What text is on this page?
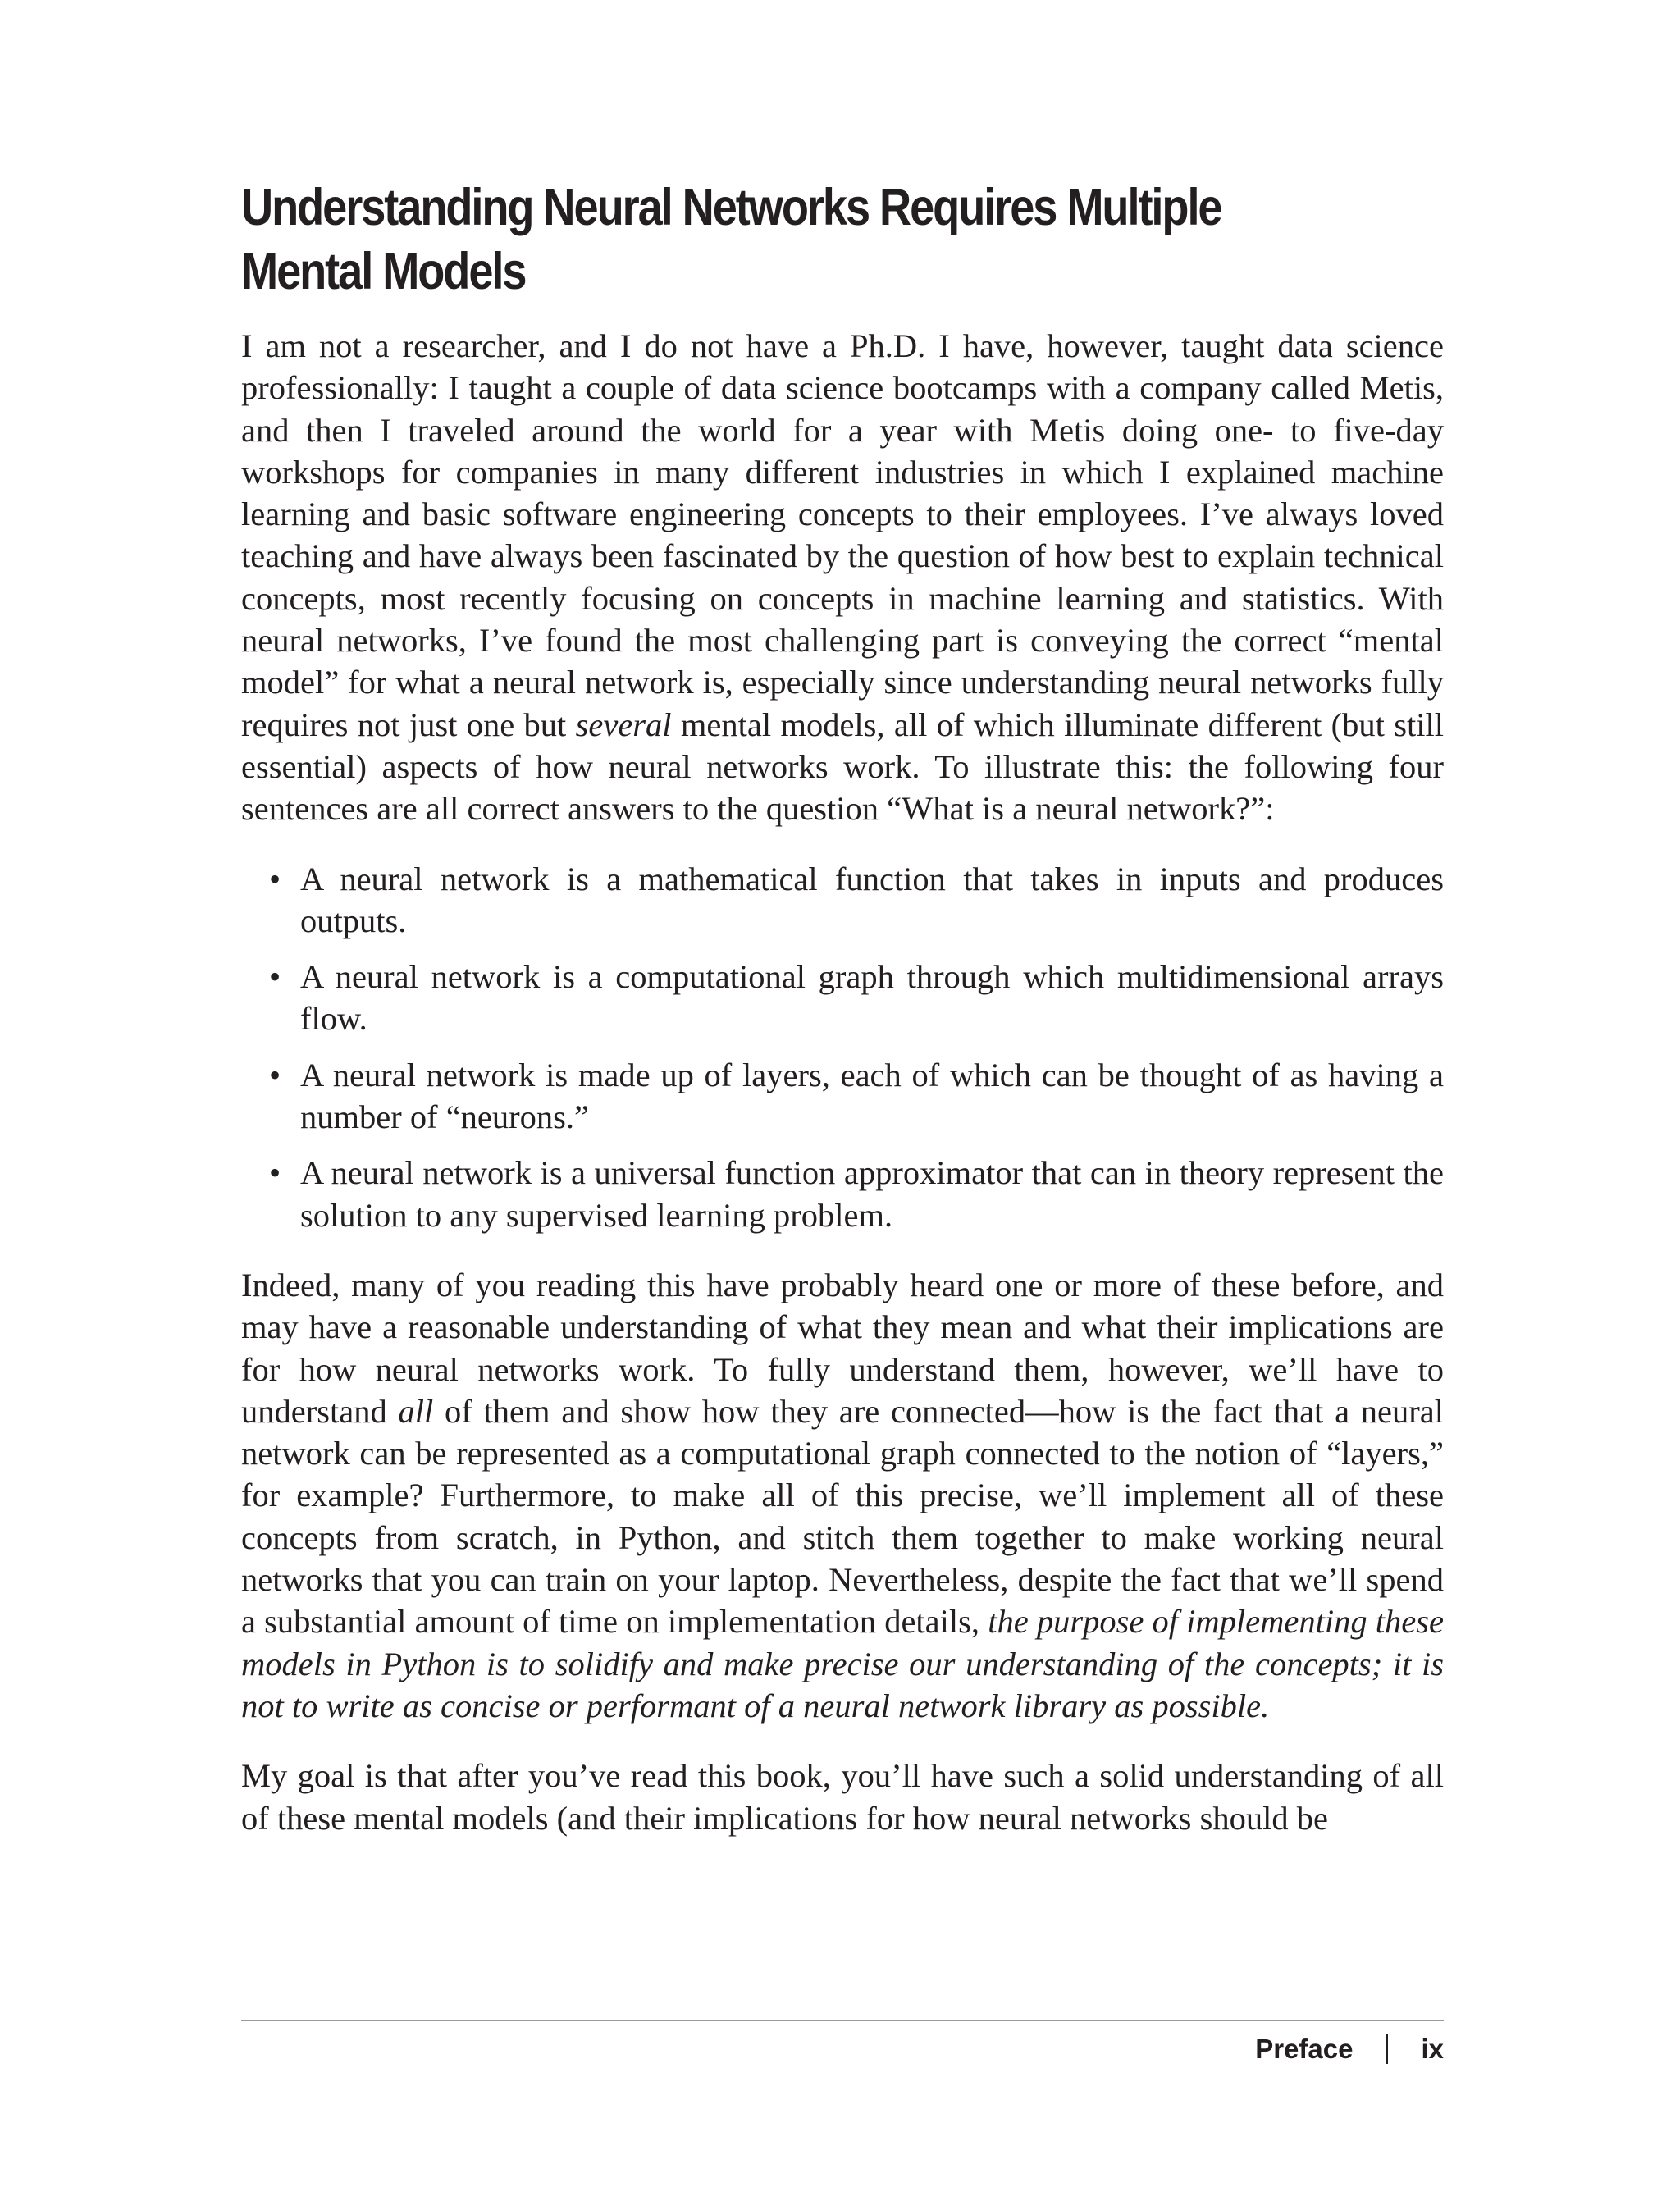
Understanding Neural Networks Requires Multiple
Mental Models

I am not a researcher, and I do not have a Ph.D. I have, however, taught data science professionally: I taught a couple of data science bootcamps with a company called Metis, and then I traveled around the world for a year with Metis doing one- to five-day workshops for companies in many different industries in which I explained machine learning and basic software engineering concepts to their employees. I’ve always loved teaching and have always been fascinated by the question of how best to explain technical concepts, most recently focusing on concepts in machine learning and statistics. With neural networks, I’ve found the most challenging part is conveying the correct “mental model” for what a neural network is, especially since understanding neural networks fully requires not just one but several mental models, all of which illuminate different (but still essential) aspects of how neural networks work. To illustrate this: the following four sentences are all correct answers to the question “What is a neural network?”:

• A neural network is a mathematical function that takes in inputs and produces outputs.
• A neural network is a computational graph through which multidimensional arrays flow.
• A neural network is made up of layers, each of which can be thought of as having a number of “neurons.”
• A neural network is a universal function approximator that can in theory represent the solution to any supervised learning problem.

Indeed, many of you reading this have probably heard one or more of these before, and may have a reasonable understanding of what they mean and what their implications are for how neural networks work. To fully understand them, however, we’ll have to understand all of them and show how they are connected—how is the fact that a neural network can be represented as a computational graph connected to the notion of “layers,” for example? Furthermore, to make all of this precise, we’ll implement all of these concepts from scratch, in Python, and stitch them together to make working neural networks that you can train on your laptop. Nevertheless, despite the fact that we’ll spend a substantial amount of time on implementation details, the purpose of implementing these models in Python is to solidify and make precise our understanding of the concepts; it is not to write as concise or performant of a neural network library as possible.

My goal is that after you’ve read this book, you’ll have such a solid understanding of all of these mental models (and their implications for how neural networks should be

Preface	ix
